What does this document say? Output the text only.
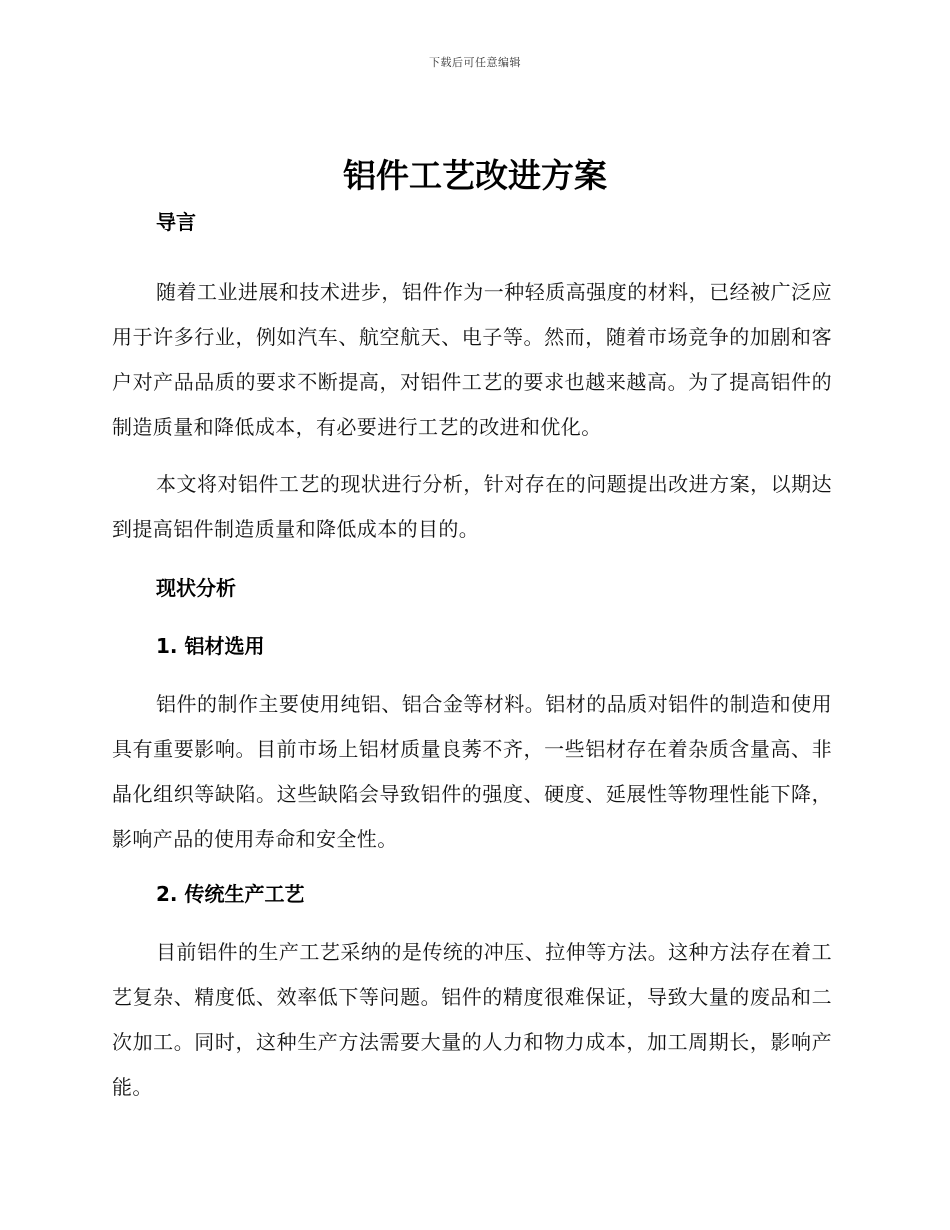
下载后可任意编辑
铝件工艺改进方案
导言

随着工业进展和技术进步，铝件作为一种轻质高强度的材料，已经被广泛应用于许多行业，例如汽车、航空航天、电子等。然而，随着市场竞争的加剧和客户对产品品质的要求不断提高，对铝件工艺的要求也越来越高。为了提高铝件的制造质量和降低成本，有必要进行工艺的改进和优化。

本文将对铝件工艺的现状进行分析，针对存在的问题提出改进方案，以期达到提高铝件制造质量和降低成本的目的。

现状分析
1. 铝材选用

铝件的制作主要使用纯铝、铝合金等材料。铝材的品质对铝件的制造和使用具有重要影响。目前市场上铝材质量良莠不齐，一些铝材存在着杂质含量高、非晶化组织等缺陷。这些缺陷会导致铝件的强度、硬度、延展性等物理性能下降，影响产品的使用寿命和安全性。

2. 传统生产工艺

目前铝件的生产工艺采纳的是传统的冲压、拉伸等方法。这种方法存在着工艺复杂、精度低、效率低下等问题。铝件的精度很难保证，导致大量的废品和二次加工。同时，这种生产方法需要大量的人力和物力成本，加工周期长，影响产能。
